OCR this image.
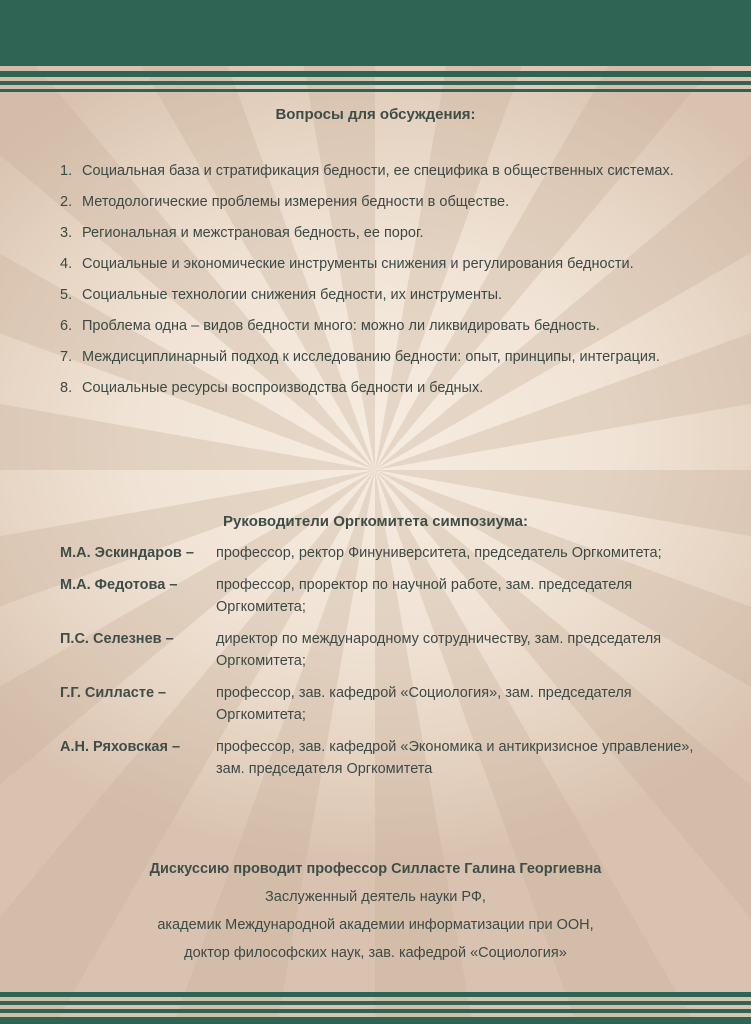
Вопросы для обсуждения:
1. Социальная база и стратификация бедности, ее специфика в общественных системах.
2. Методологические проблемы измерения бедности в обществе.
3. Региональная и межстрановая бедность, ее порог.
4. Социальные и экономические инструменты снижения и регулирования бедности.
5. Социальные технологии снижения бедности, их инструменты.
6. Проблема одна – видов бедности много: можно ли ликвидировать бедность.
7. Междисциплинарный подход к исследованию бедности: опыт, принципы, интеграция.
8. Социальные ресурсы воспроизводства бедности и бедных.
Руководители Оргкомитета симпозиума:
М.А. Эскиндаров –	профессор, ректор Финуниверситета, председатель Оргкомитета;
М.А. Федотова –	профессор, проректор по научной работе, зам. председателя Оргкомитета;
П.С. Селезнев –	директор по международному сотрудничеству, зам. председателя Оргкомитета;
Г.Г. Силласте –	профессор, зав. кафедрой «Социология», зам. председателя Оргкомитета;
А.Н. Ряховская –	профессор, зав. кафедрой «Экономика и антикризисное управление», зам. председателя Оргкомитета
Дискуссию проводит профессор Силласте Галина Георгиевна
Заслуженный деятель науки РФ,
академик Международной академии информатизации при ООН,
доктор философских наук, зав. кафедрой «Социология»
